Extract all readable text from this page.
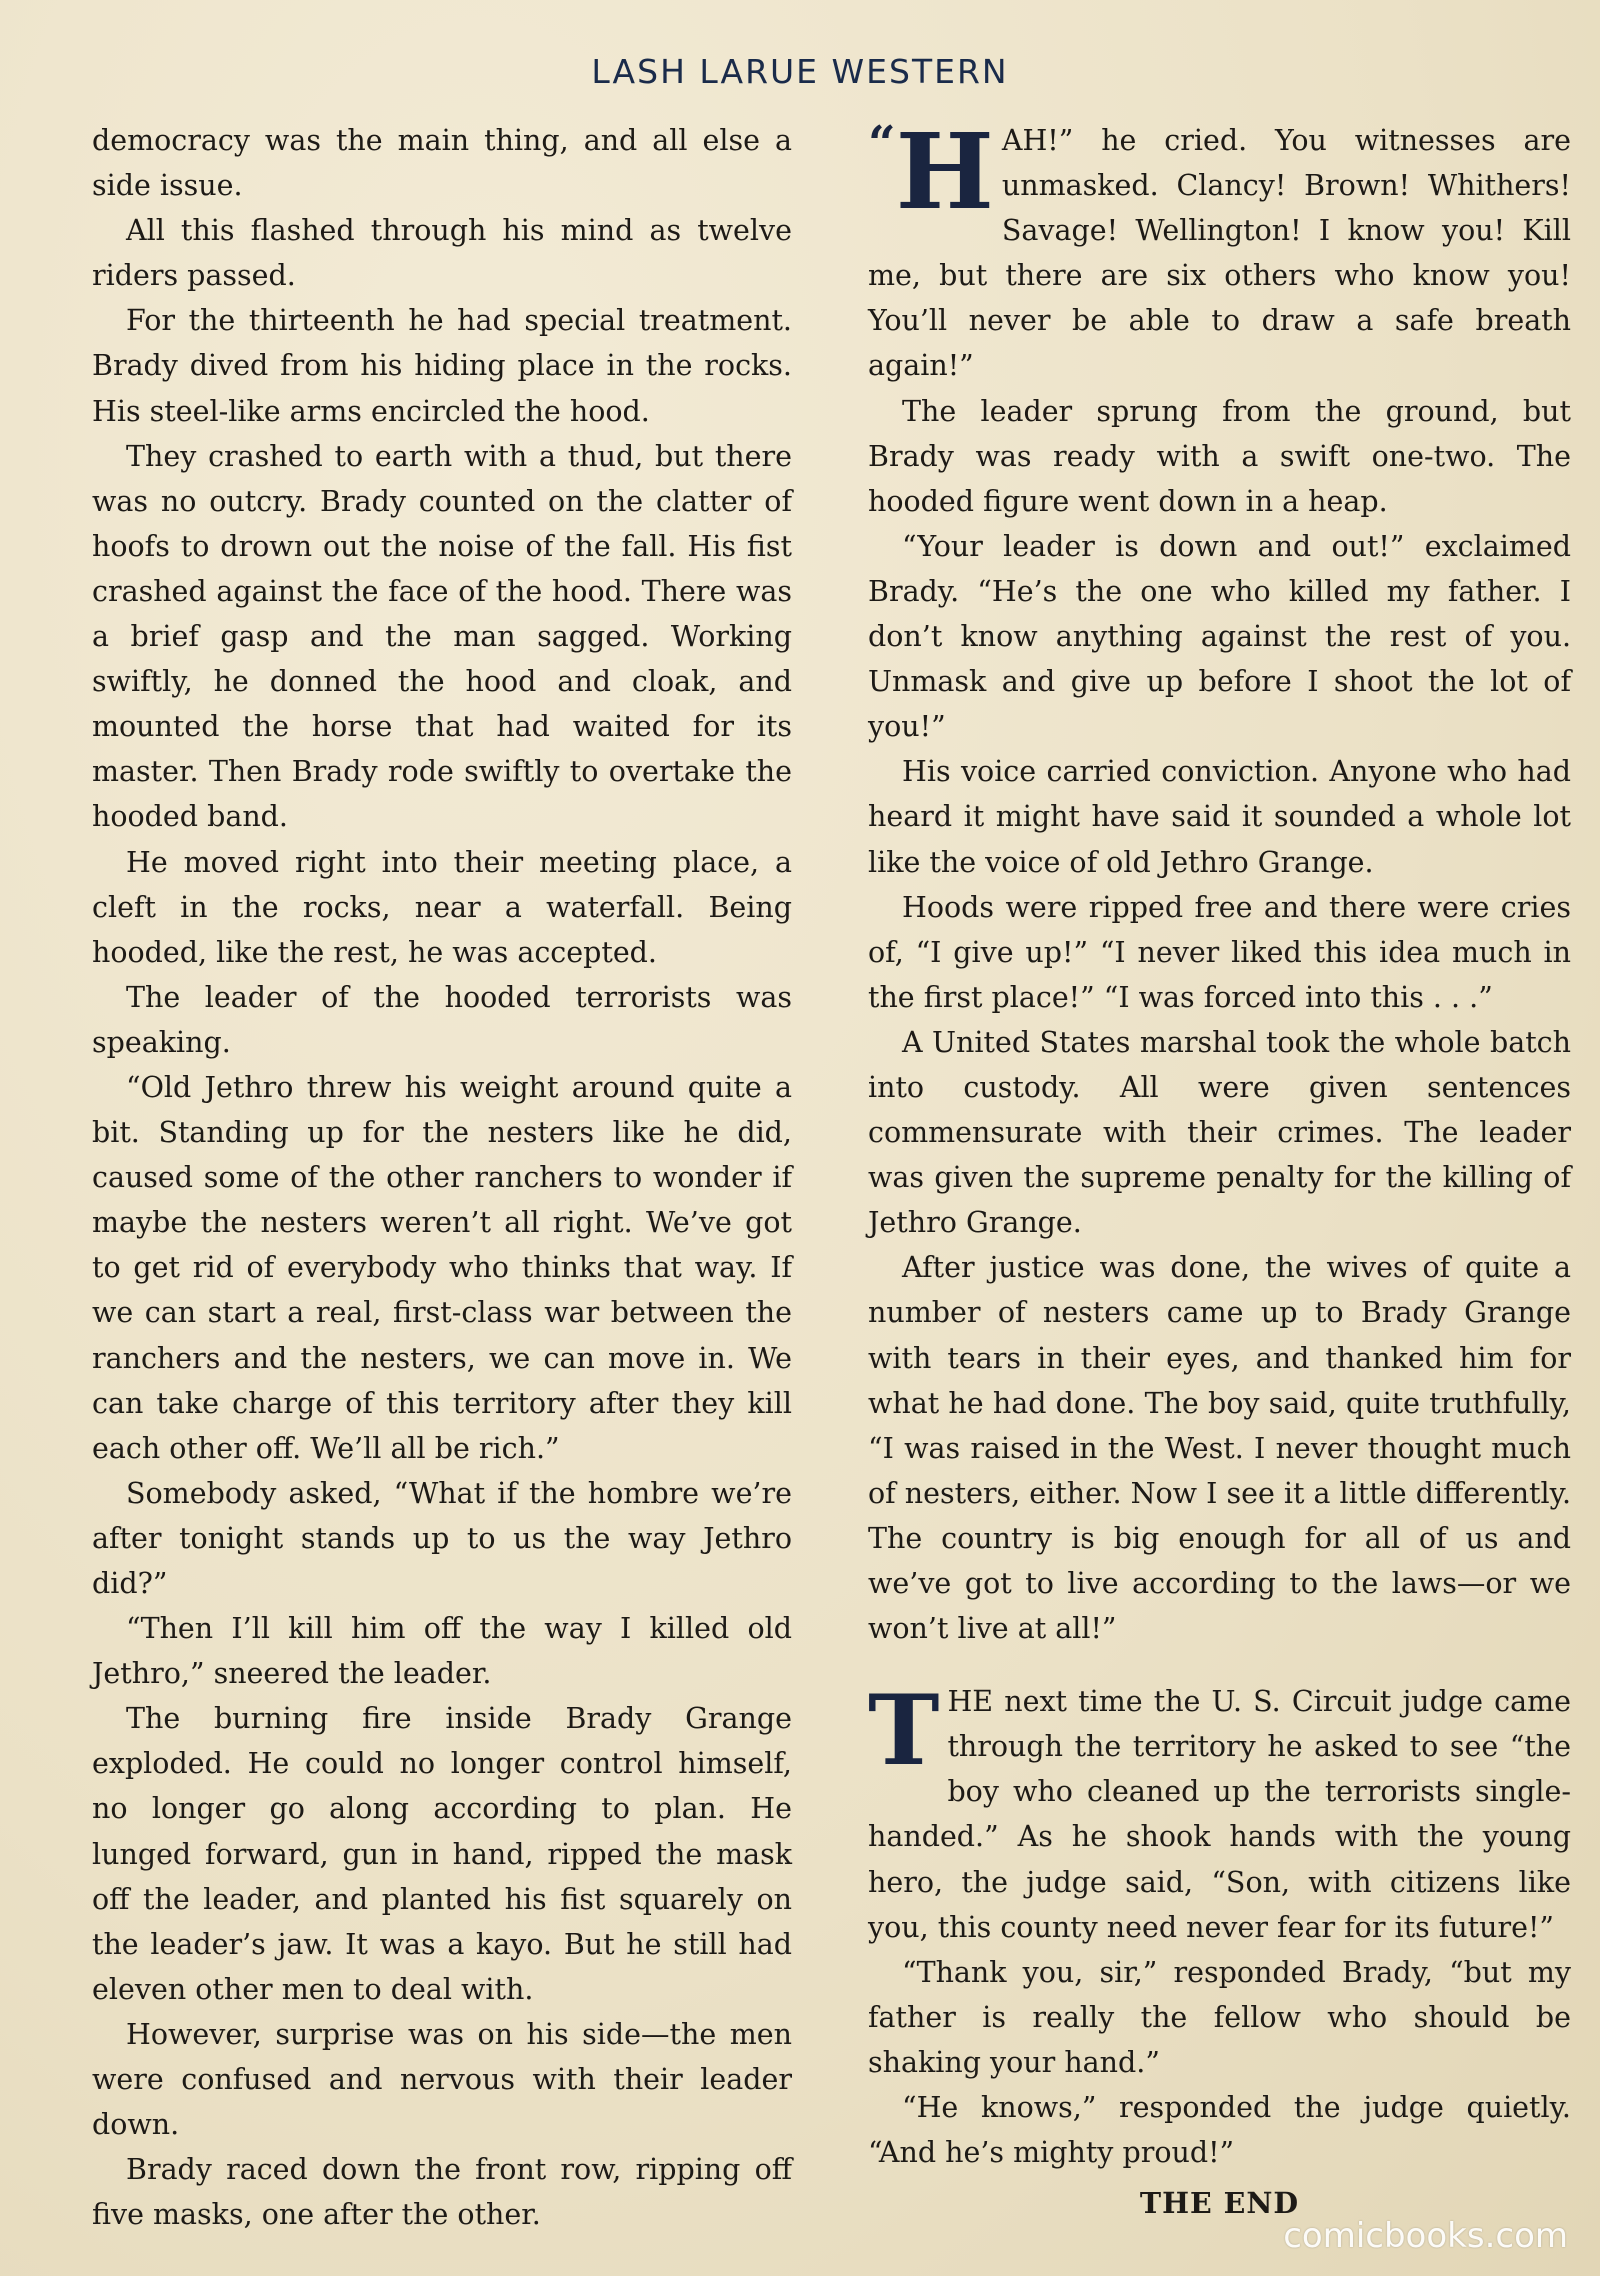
LASH LARUE WESTERN

democracy was the main thing, and all else a side issue.

All this flashed through his mind as twelve riders passed.

For the thirteenth he had special treatment. Brady dived from his hiding place in the rocks. His steel-like arms encircled the hood.

They crashed to earth with a thud, but there was no outcry. Brady counted on the clatter of hoofs to drown out the noise of the fall. His fist crashed against the face of the hood. There was a brief gasp and the man sagged. Working swiftly, he donned the hood and cloak, and mounted the horse that had waited for its master. Then Brady rode swiftly to overtake the hooded band.

He moved right into their meeting place, a cleft in the rocks, near a waterfall. Being hooded, like the rest, he was accepted.

The leader of the hooded terrorists was speaking.

“Old Jethro threw his weight around quite a bit. Standing up for the nesters like he did, caused some of the other ranchers to wonder if maybe the nesters weren’t all right. We’ve got to get rid of everybody who thinks that way. If we can start a real, first-class war between the ranchers and the nesters, we can move in. We can take charge of this territory after they kill each other off. We’ll all be rich.”

Somebody asked, “What if the hombre we’re after tonight stands up to us the way Jethro did?”

“Then I’ll kill him off the way I killed old Jethro,” sneered the leader.

The burning fire inside Brady Grange exploded. He could no longer control himself, no longer go along according to plan. He lunged forward, gun in hand, ripped the mask off the leader, and planted his fist squarely on the leader’s jaw. It was a kayo. But he still had eleven other men to deal with.

However, surprise was on his side—the men were confused and nervous with their leader down.

Brady raced down the front row, ripping off five masks, one after the other.

“H AH!” he cried. You witnesses are unmasked. Clancy! Brown! Whithers! Savage! Wellington! I know you! Kill me, but there are six others who know you! You’ll never be able to draw a safe breath again!”

The leader sprung from the ground, but Brady was ready with a swift one-two. The hooded figure went down in a heap.

“Your leader is down and out!” exclaimed Brady. “He’s the one who killed my father. I don’t know anything against the rest of you. Unmask and give up before I shoot the lot of you!”

His voice carried conviction. Anyone who had heard it might have said it sounded a whole lot like the voice of old Jethro Grange.

Hoods were ripped free and there were cries of, “I give up!” “I never liked this idea much in the first place!” “I was forced into this . . .”

A United States marshal took the whole batch into custody. All were given sentences commensurate with their crimes. The leader was given the supreme penalty for the killing of Jethro Grange.

After justice was done, the wives of quite a number of nesters came up to Brady Grange with tears in their eyes, and thanked him for what he had done. The boy said, quite truthfully, “I was raised in the West. I never thought much of nesters, either. Now I see it a little differently. The country is big enough for all of us and we’ve got to live according to the laws—or we won’t live at all!”

T HE next time the U. S. Circuit judge came through the territory he asked to see “the boy who cleaned up the terrorists single-handed.” As he shook hands with the young hero, the judge said, “Son, with citizens like you, this county need never fear for its future!”

“Thank you, sir,” responded Brady, “but my father is really the fellow who should be shaking your hand.”

“He knows,” responded the judge quietly. “And he’s mighty proud!”

THE END

comicbooks.com
